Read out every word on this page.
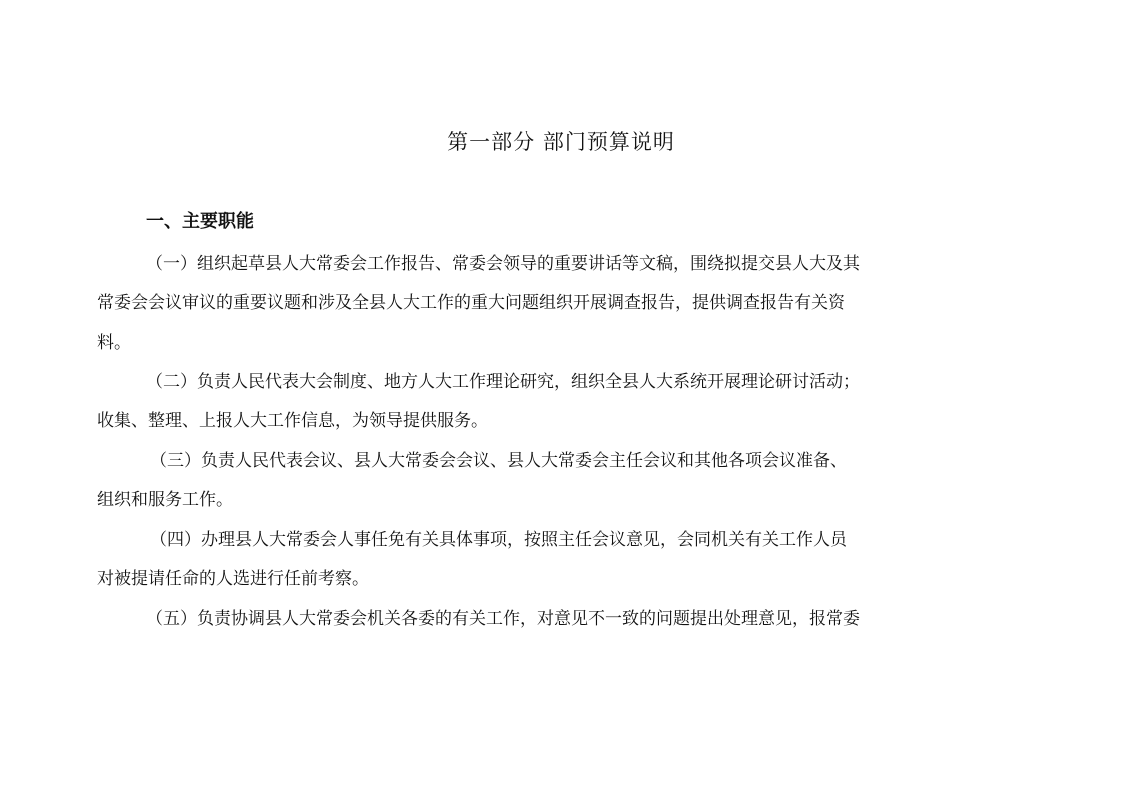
第一部分 部门预算说明
一、主要职能
（一）组织起草县人大常委会工作报告、常委会领导的重要讲话等文稿，围绕拟提交县人大及其
常委会会议审议的重要议题和涉及全县人大工作的重大问题组织开展调查报告，提供调查报告有关资
料。
（二）负责人民代表大会制度、地方人大工作理论研究，组织全县人大系统开展理论研讨活动；
收集、整理、上报人大工作信息，为领导提供服务。
（三）负责人民代表会议、县人大常委会会议、县人大常委会主任会议和其他各项会议准备、
组织和服务工作。
（四）办理县人大常委会人事任免有关具体事项，按照主任会议意见，会同机关有关工作人员
对被提请任命的人选进行任前考察。
（五）负责协调县人大常委会机关各委的有关工作，对意见不一致的问题提出处理意见，报常委
